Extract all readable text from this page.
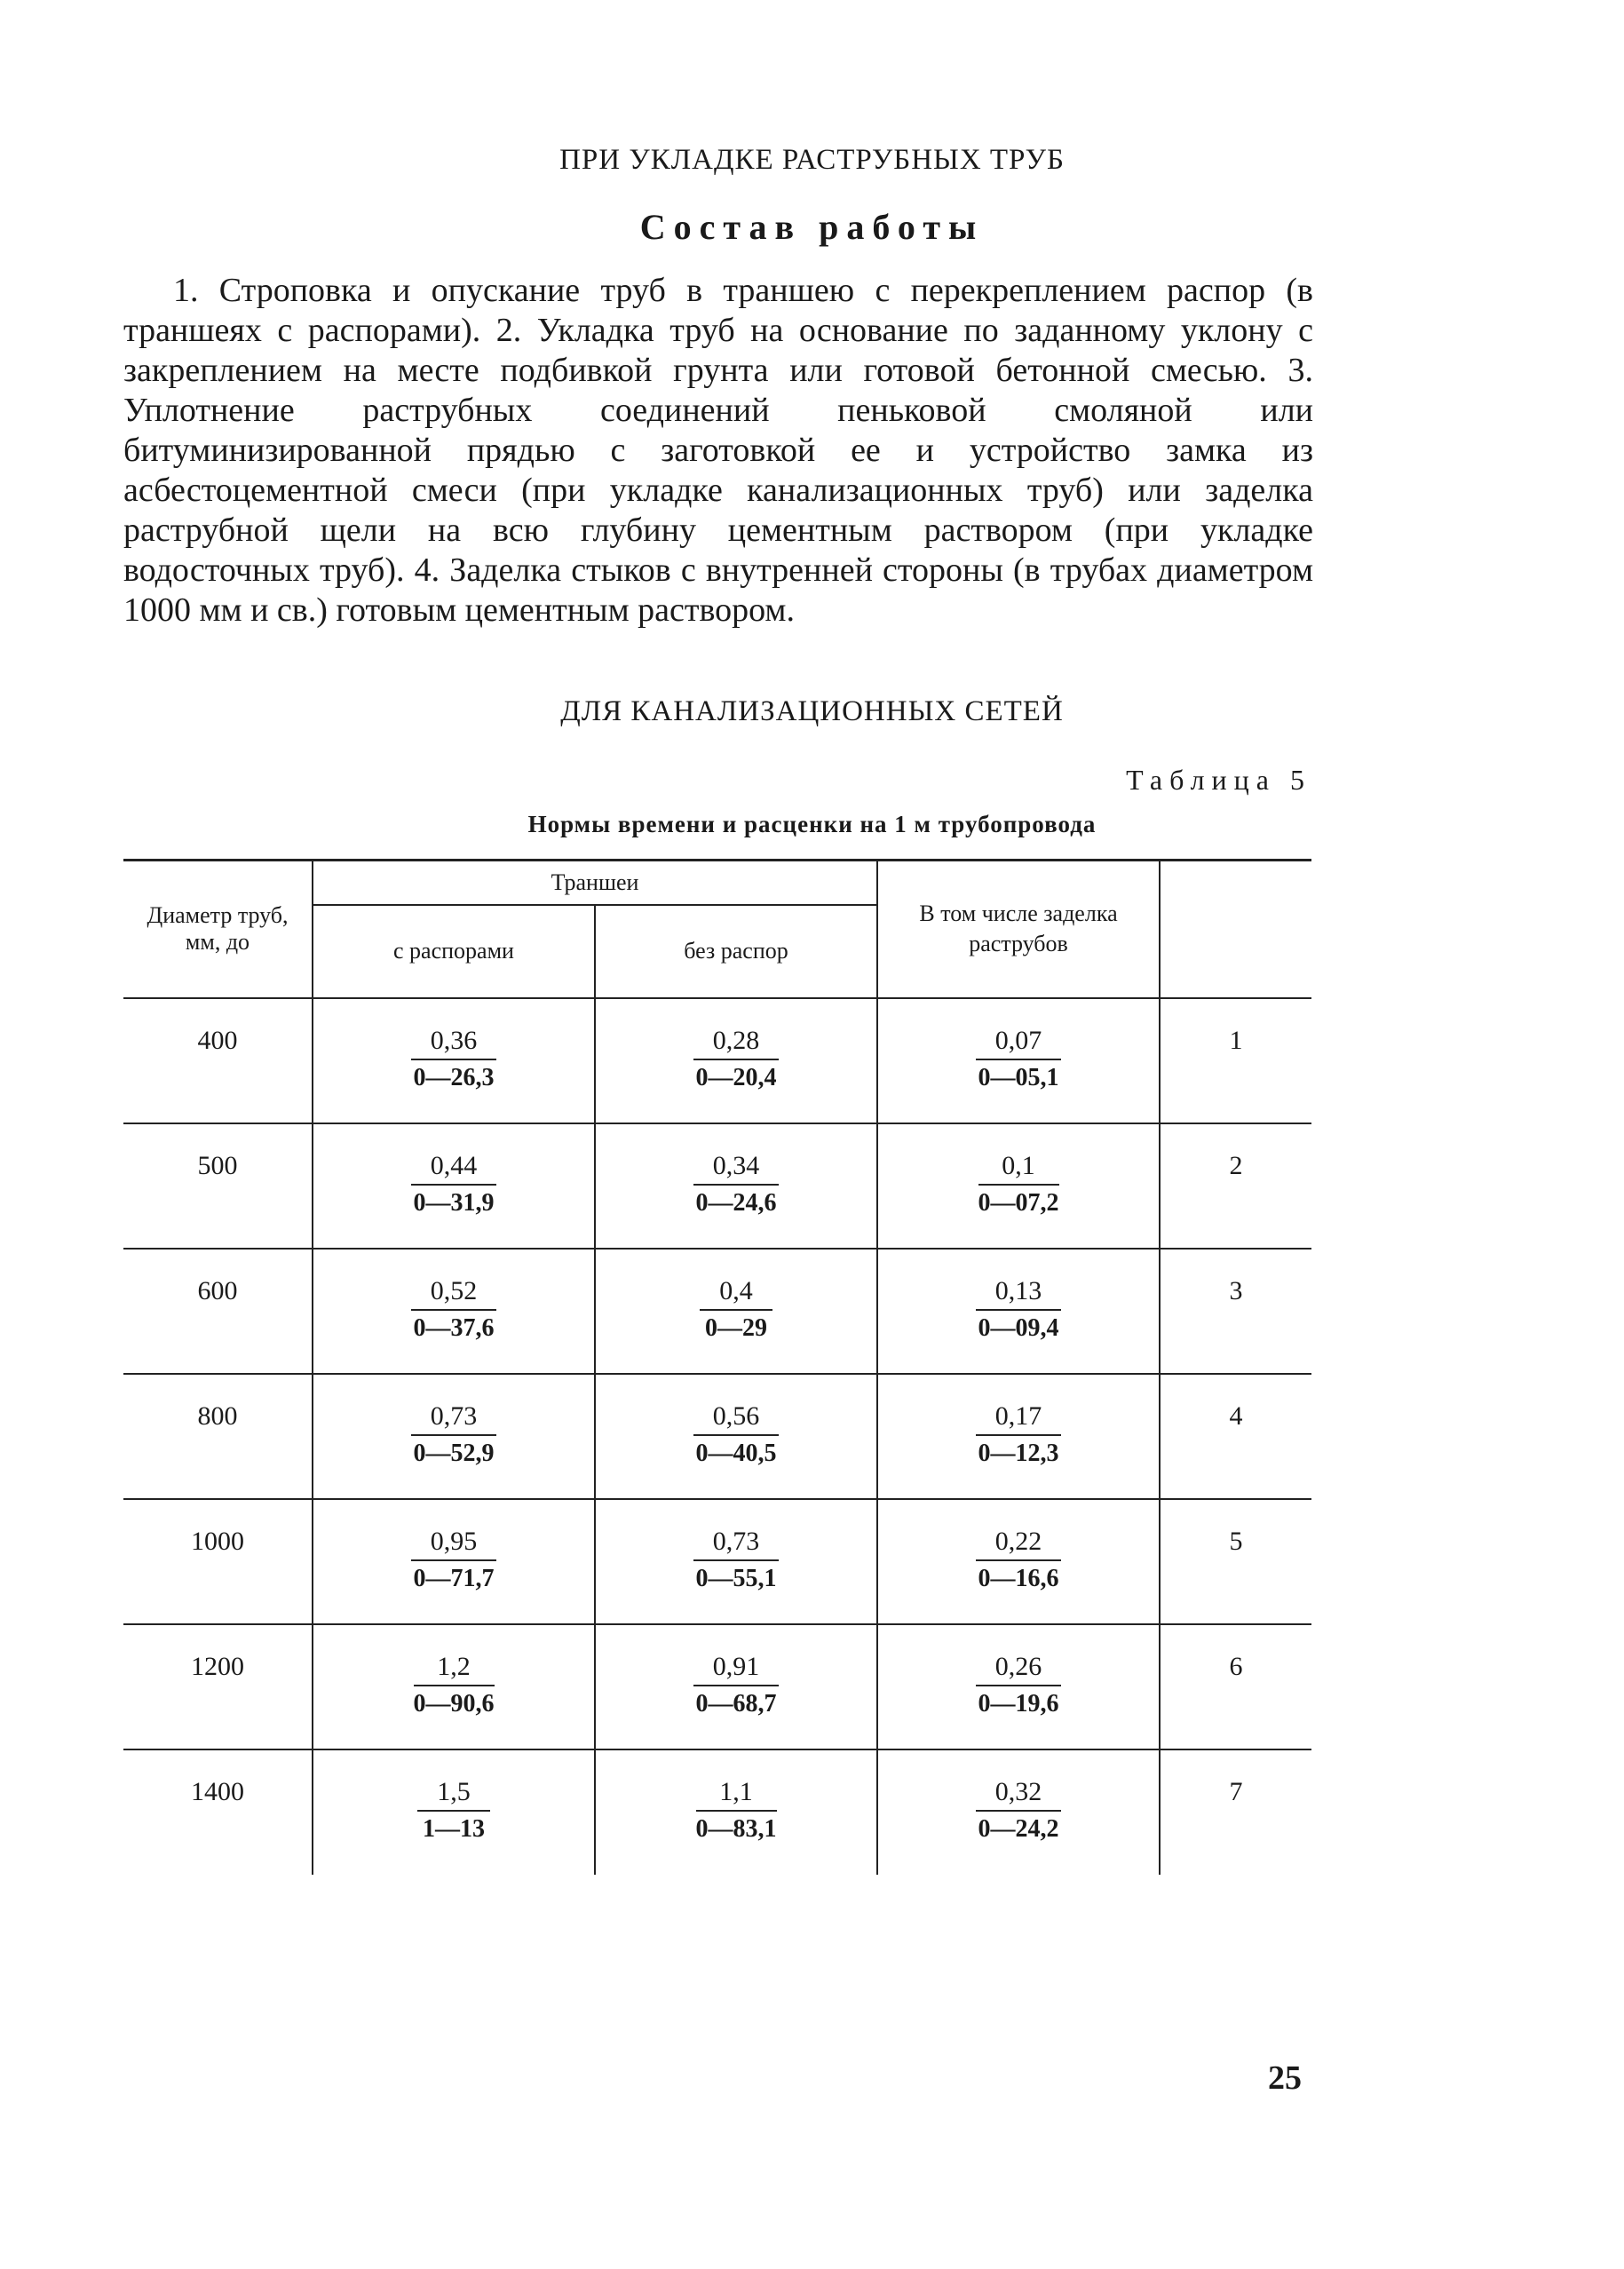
ПРИ УКЛАДКЕ РАСТРУБНЫХ ТРУБ
Состав работы

1. Строповка и опускание труб в траншею с перекреплением распор (в траншеях с распорами). 2. Укладка труб на основание по заданному уклону с закреплением на месте подбивкой грунта или готовой бетонной смесью. 3. Уплотнение раструбных соединений пеньковой смоляной или битуминизированной прядью с заготовкой ее и устройство замка из асбестоцементной смеси (при укладке канализационных труб) или заделка раструбной щели на всю глубину цементным раствором (при укладке водосточных труб). 4. Заделка стыков с внутренней стороны (в трубах диаметром 1000 мм и св.) готовым цементным раствором.

ДЛЯ КАНАЛИЗАЦИОННЫХ СЕТЕЙ
Таблица 5
Нормы времени и расценки на 1 м трубопровода
Диаметр труб, мм, до	Траншеи		В том числе заделка раструбов	
	с распорами	без распор		
400	$\frac{0,36}{0—26,3}$	$\frac{0,28}{0—20,4}$	$\frac{0,07}{0—05,1}$	1
500	$\frac{0,44}{0—31,9}$	$\frac{0,34}{0—24,6}$	$\frac{0,1}{0—07,2}$	2
600	$\frac{0,52}{0—37,6}$	$\frac{0,4}{0—29}$	$\frac{0,13}{0—09,4}$	3
800	$\frac{0,73}{0—52,9}$	$\frac{0,56}{0—40,5}$	$\frac{0,17}{0—12,3}$	4
1000	$\frac{0,95}{0—71,7}$	$\frac{0,73}{0—55,1}$	$\frac{0,22}{0—16,6}$	5
1200	$\frac{1,2}{0—90,6}$	$\frac{0,91}{0—68,7}$	$\frac{0,26}{0—19,6}$	6
1400	$\frac{1,5}{1—13}$	$\frac{1,1}{0—83,1}$	$\frac{0,32}{0—24,2}$	7
25
